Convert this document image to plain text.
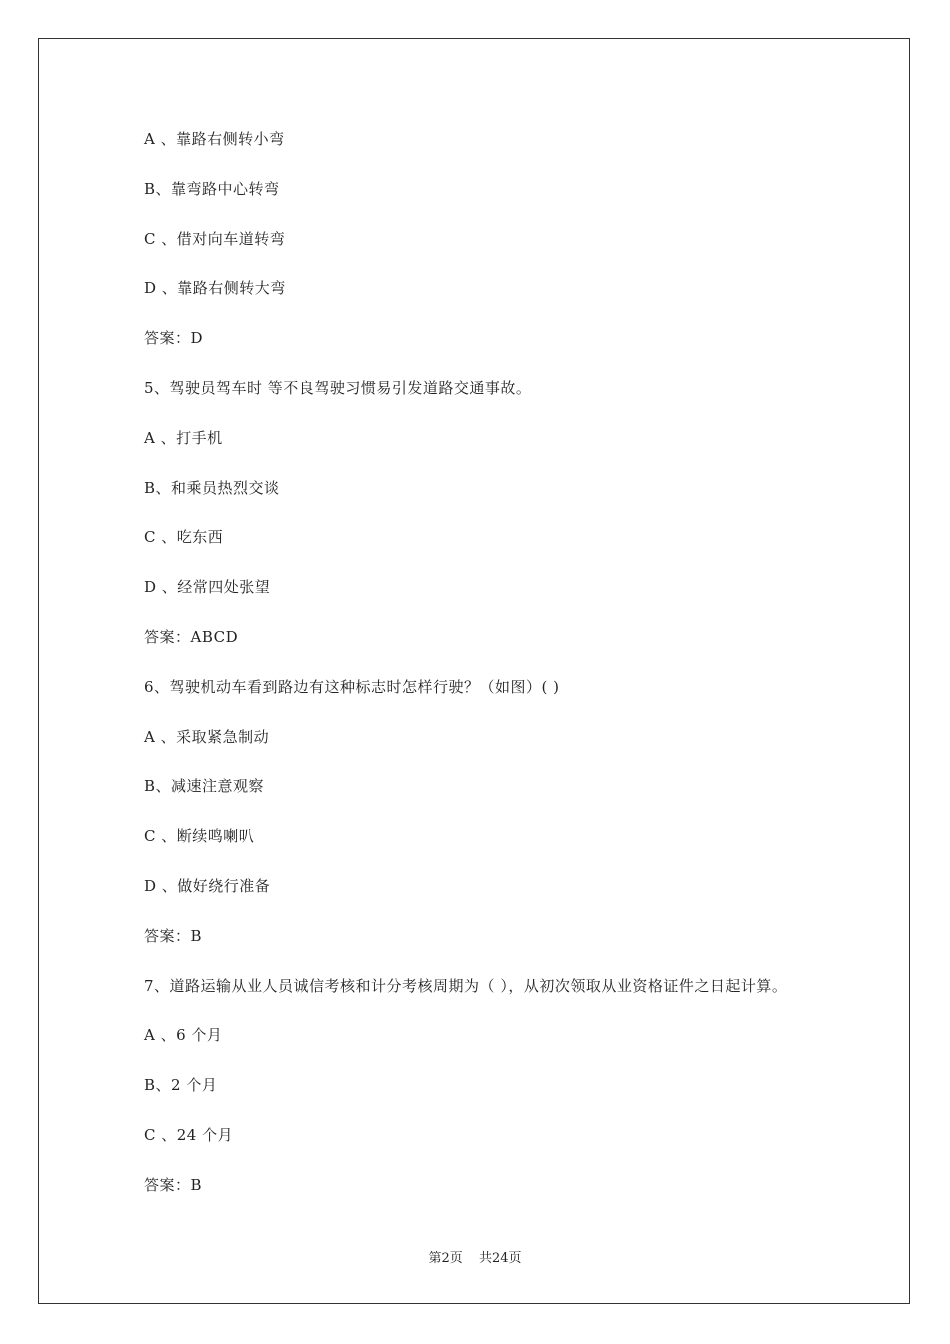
A 、靠路右侧转小弯
B、靠弯路中心转弯
C 、借对向车道转弯
D 、靠路右侧转大弯
答案：D
5、驾驶员驾车时 等不良驾驶习惯易引发道路交通事故。
A 、打手机
B、和乘员热烈交谈
C 、吃东西
D 、经常四处张望
答案：ABCD
6、驾驶机动车看到路边有这种标志时怎样行驶？（如图）( )
A 、采取紧急制动
B、减速注意观察
C 、断续鸣喇叭
D 、做好绕行准备
答案：B
7、道路运输从业人员诚信考核和计分考核周期为（ ），从初次领取从业资格证件之日起计算。
A 、6 个月
B、2 个月
C 、24 个月
答案：B
第2页 共24页
